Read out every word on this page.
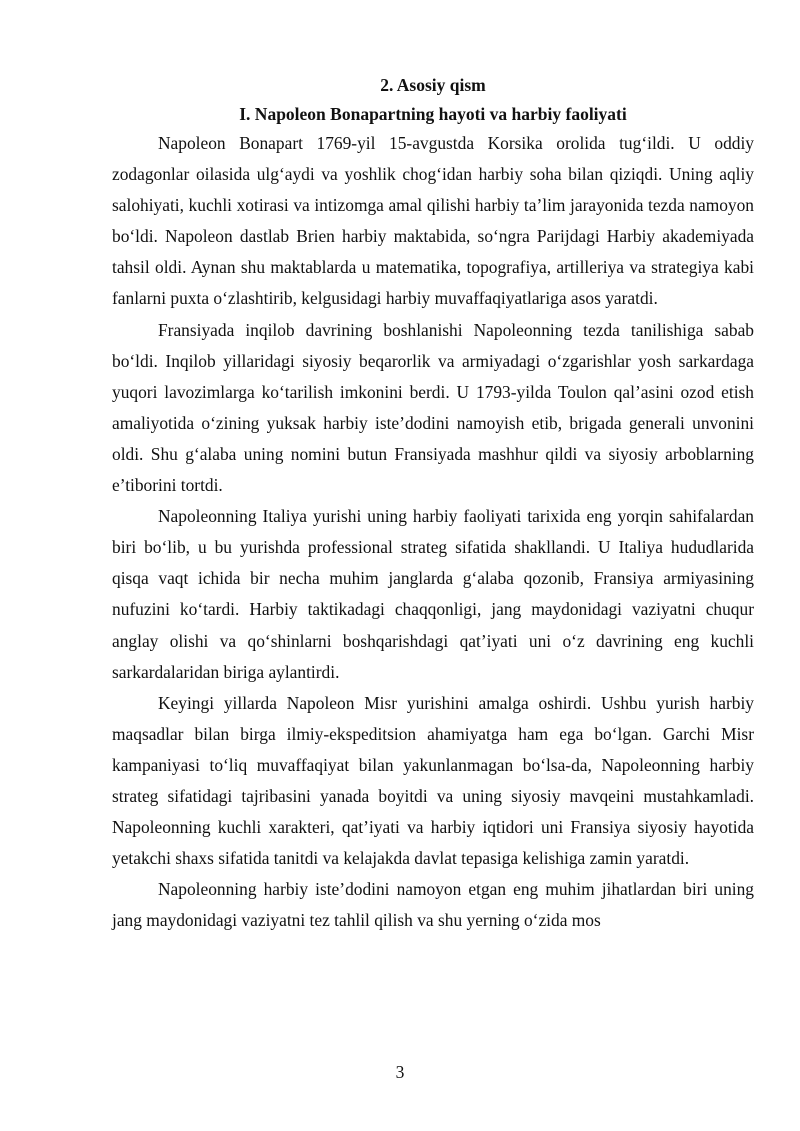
2. Asosiy qism

I. Napoleon Bonapartning hayoti va harbiy faoliyati

Napoleon Bonapart 1769-yil 15-avgustda Korsika orolida tug‘ildi. U oddiy zodagonlar oilasida ulg‘aydi va yoshlik chog‘idan harbiy soha bilan qiziqdi. Uning aqliy salohiyati, kuchli xotirasi va intizomga amal qilishi harbiy ta’lim jarayonida tezda namoyon bo‘ldi. Napoleon dastlab Brien harbiy maktabida, so‘ngra Parijdagi Harbiy akademiyada tahsil oldi. Aynan shu maktablarda u matematika, topografiya, artilleriya va strategiya kabi fanlarni puxta o‘zlashtirib, kelgusidagi harbiy muvaffaqiyatlariga asos yaratdi.

Fransiyada inqilob davrining boshlanishi Napoleonning tezda tanilishiga sabab bo‘ldi. Inqilob yillaridagi siyosiy beqarorlik va armiyadagi o‘zgarishlar yosh sarkardaga yuqori lavozimlarga ko‘tarilish imkonini berdi. U 1793-yilda Toulon qal’asini ozod etish amaliyotida o‘zining yuksak harbiy iste’dodini namoyish etib, brigada generali unvonini oldi. Shu g‘alaba uning nomini butun Fransiyada mashhur qildi va siyosiy arboblarning e’tiborini tortdi.

Napoleonning Italiya yurishi uning harbiy faoliyati tarixida eng yorqin sahifalardan biri bo‘lib, u bu yurishda professional strateg sifatida shakllandi. U Italiya hududlarida qisqa vaqt ichida bir necha muhim janglarda g‘alaba qozonib, Fransiya armiyasining nufuzini ko‘tardi. Harbiy taktikadagi chaqqonligi, jang maydonidagi vaziyatni chuqur anglay olishi va qo‘shinlarni boshqarishdagi qat’iyati uni o‘z davrining eng kuchli sarkardalaridan biriga aylantirdi.

Keyingi yillarda Napoleon Misr yurishini amalga oshirdi. Ushbu yurish harbiy maqsadlar bilan birga ilmiy-ekspeditsion ahamiyatga ham ega bo‘lgan. Garchi Misr kampaniyasi to‘liq muvaffaqiyat bilan yakunlanmagan bo‘lsa-da, Napoleonning harbiy strateg sifatidagi tajribasini yanada boyitdi va uning siyosiy mavqeini mustahkamladi. Napoleonning kuchli xarakteri, qat’iyati va harbiy iqtidori uni Fransiya siyosiy hayotida yetakchi shaxs sifatida tanitdi va kelajakda davlat tepasiga kelishiga zamin yaratdi.

Napoleonning harbiy iste’dodini namoyon etgan eng muhim jihatlardan biri uning jang maydonidagi vaziyatni tez tahlil qilish va shu yerning o‘zida mos

3
